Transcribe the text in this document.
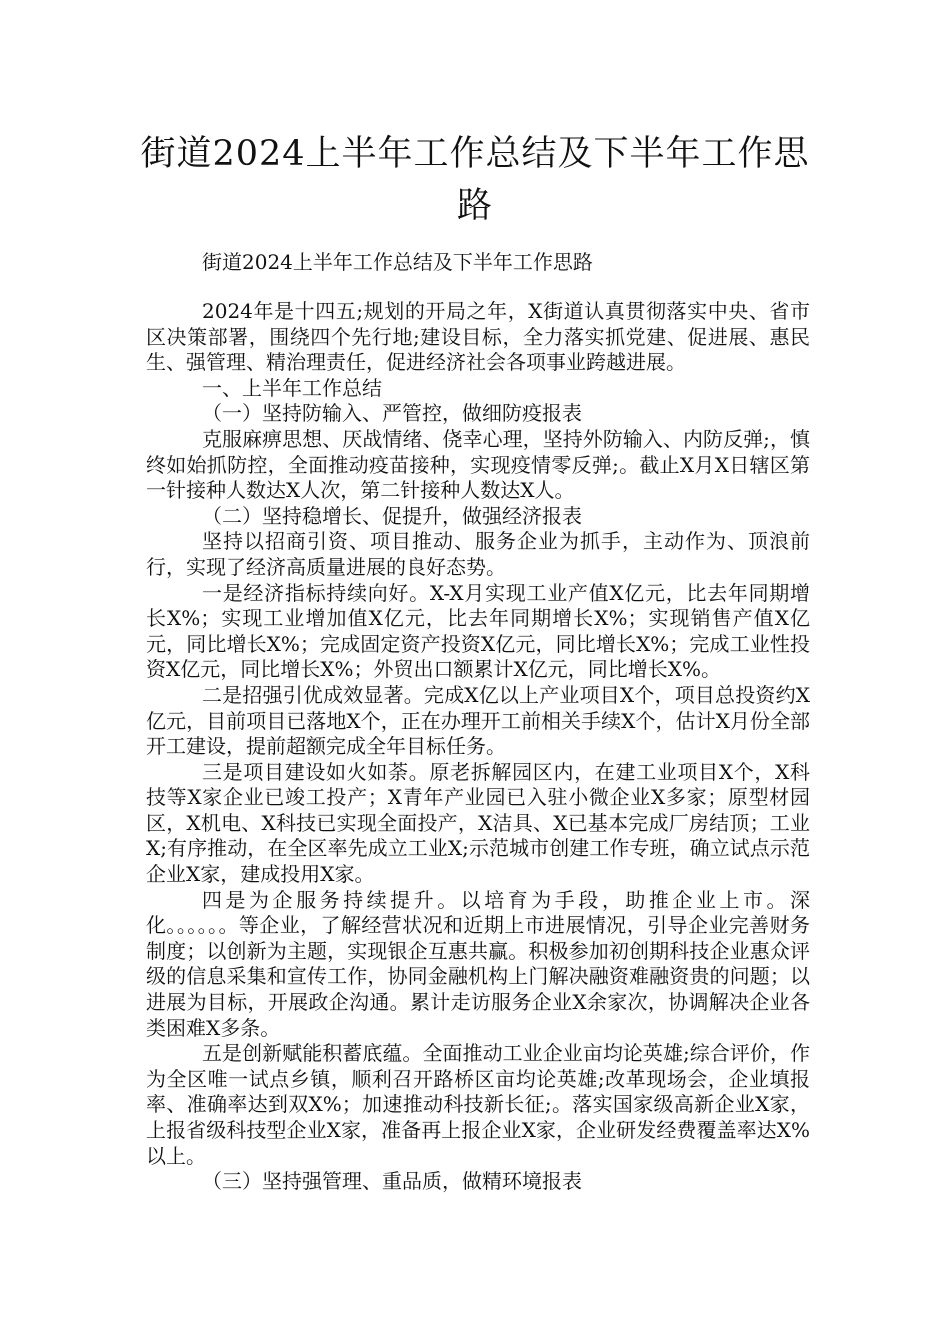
街道2024上半年工作总结及下半年工作思路

街道2024上半年工作总结及下半年工作思路

2024年是十四五;规划的开局之年，X街道认真贯彻落实中央、省市区决策部署，围绕四个先行地;建设目标，全力落实抓党建、促进展、惠民生、强管理、精治理责任，促进经济社会各项事业跨越进展。

一、上半年工作总结

（一）坚持防输入、严管控，做细防疫报表

克服麻痹思想、厌战情绪、侥幸心理，坚持外防输入、内防反弹;，慎终如始抓防控，全面推动疫苗接种，实现疫情零反弹;。截止X月X日辖区第一针接种人数达X人次，第二针接种人数达X人。

（二）坚持稳增长、促提升，做强经济报表

坚持以招商引资、项目推动、服务企业为抓手，主动作为、顶浪前行，实现了经济高质量进展的良好态势。

一是经济指标持续向好。X-X月实现工业产值X亿元，比去年同期增长X%；实现工业增加值X亿元，比去年同期增长X%；实现销售产值X亿元，同比增长X%；完成固定资产投资X亿元，同比增长X%；完成工业性投资X亿元，同比增长X%；外贸出口额累计X亿元，同比增长X%。

二是招强引优成效显著。完成X亿以上产业项目X个，项目总投资约X亿元，目前项目已落地X个，正在办理开工前相关手续X个，估计X月份全部开工建设，提前超额完成全年目标任务。

三是项目建设如火如荼。原老拆解园区内，在建工业项目X个，X科技等X家企业已竣工投产；X青年产业园已入驻小微企业X多家；原型材园区，X机电、X科技已实现全面投产，X洁具、X已基本完成厂房结顶；工业X;有序推动，在全区率先成立工业X;示范城市创建工作专班，确立试点示范企业X家，建成投用X家。

四是为企服务持续提升。以培育为手段，助推企业上市。深化。。。。。。等企业，了解经营状况和近期上市进展情况，引导企业完善财务制度；以创新为主题，实现银企互惠共赢。积极参加初创期科技企业惠众评级的信息采集和宣传工作，协同金融机构上门解决融资难融资贵的问题；以进展为目标，开展政企沟通。累计走访服务企业X余家次，协调解决企业各类困难X多条。

五是创新赋能积蓄底蕴。全面推动工业企业亩均论英雄;综合评价，作为全区唯一试点乡镇，顺利召开路桥区亩均论英雄;改革现场会，企业填报率、准确率达到双X%；加速推动科技新长征;。落实国家级高新企业X家，上报省级科技型企业X家，准备再上报企业X家，企业研发经费覆盖率达X%以上。

（三）坚持强管理、重品质，做精环境报表
